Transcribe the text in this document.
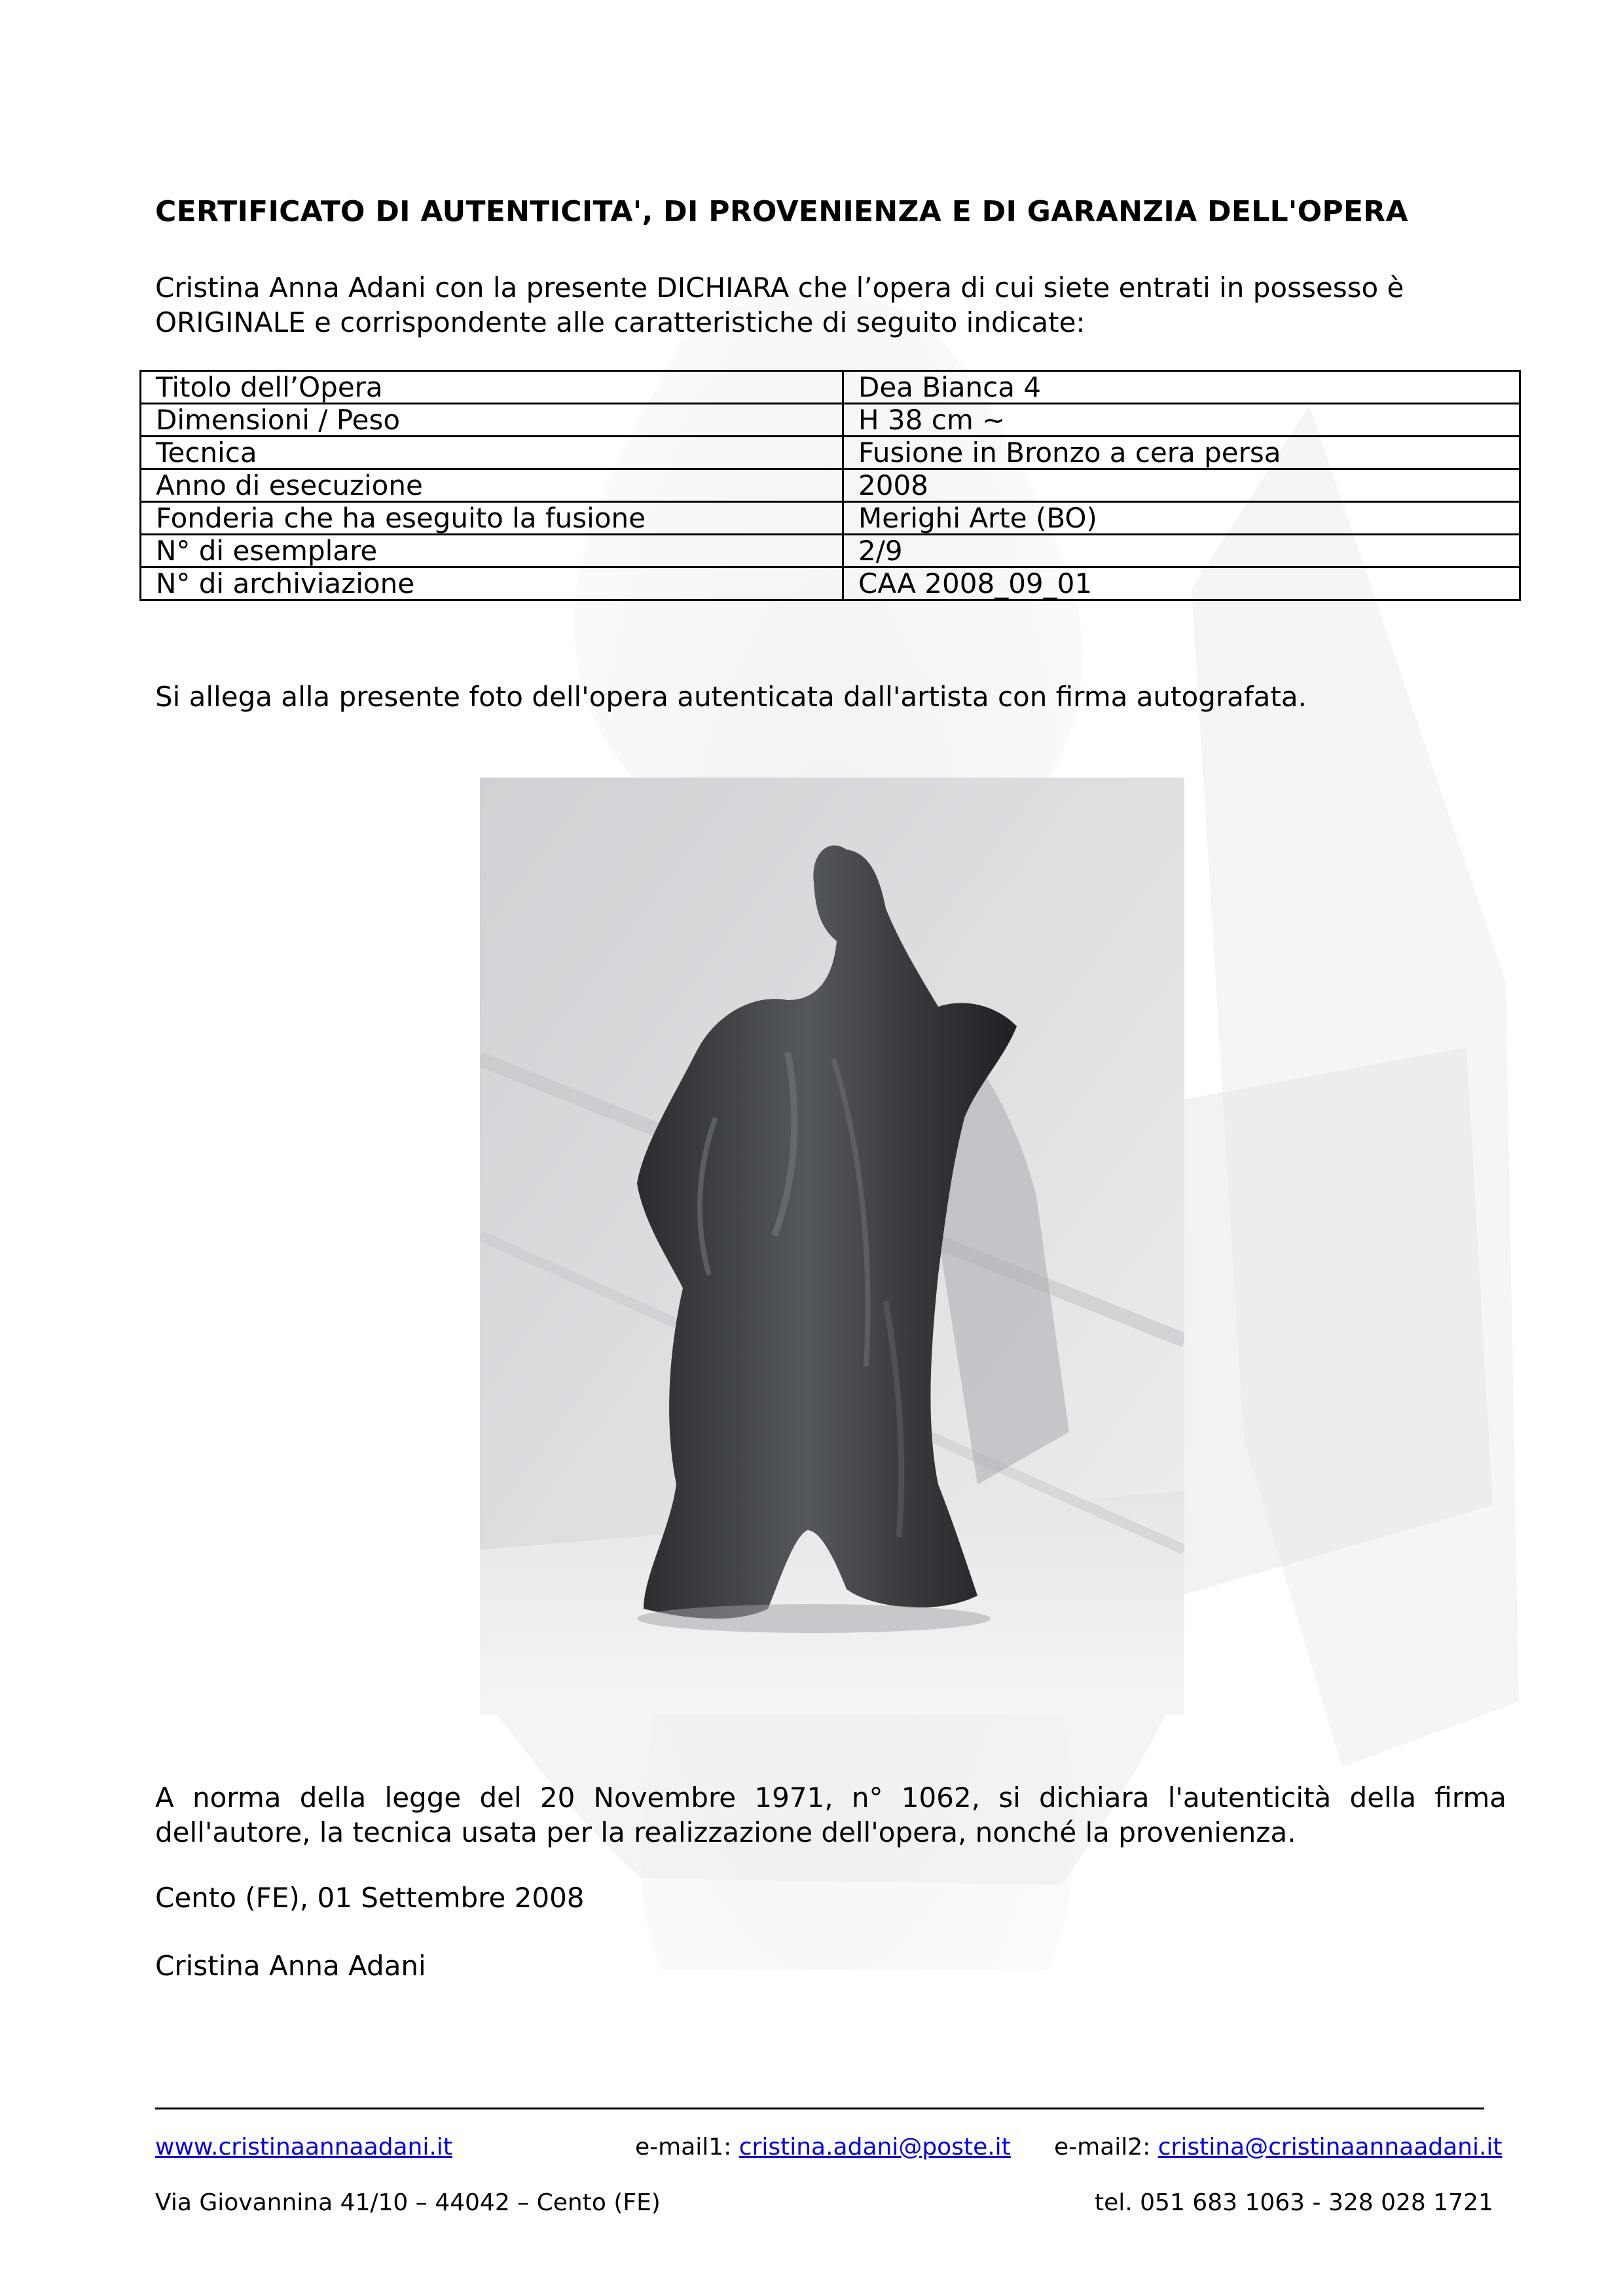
CERTIFICATO DI AUTENTICITA', DI PROVENIENZA E DI GARANZIA DELL'OPERA
Cristina Anna Adani con la presente DICHIARA che l’opera di cui siete entrati in possesso è ORIGINALE e corrispondente alle caratteristiche di seguito indicate:
Titolo dell’Opera	Dea Bianca 4
Dimensioni / Peso	H 38 cm ~
Tecnica	Fusione in Bronzo a cera persa
Anno di esecuzione	2008
Fonderia che ha eseguito la fusione	Merighi Arte (BO)
N° di esemplare	2/9
N° di archiviazione	CAA 2008_09_01
Si allega alla presente foto dell'opera autenticata dall'artista con firma autografata.
A norma della legge del 20 Novembre 1971, n° 1062, si dichiara l'autenticità della firma dell'autore, la tecnica usata per la realizzazione dell'opera, nonché la provenienza.
Cento (FE), 01 Settembre 2008
Cristina Anna Adani
www.cristinaannaadani.it	e-mail1: cristina.adani@poste.it e-mail2: cristina@cristinaannaadani.it
Via Giovannina 41/10 – 44042 – Cento (FE)	tel. 051 683 1063 - 328 028 1721
